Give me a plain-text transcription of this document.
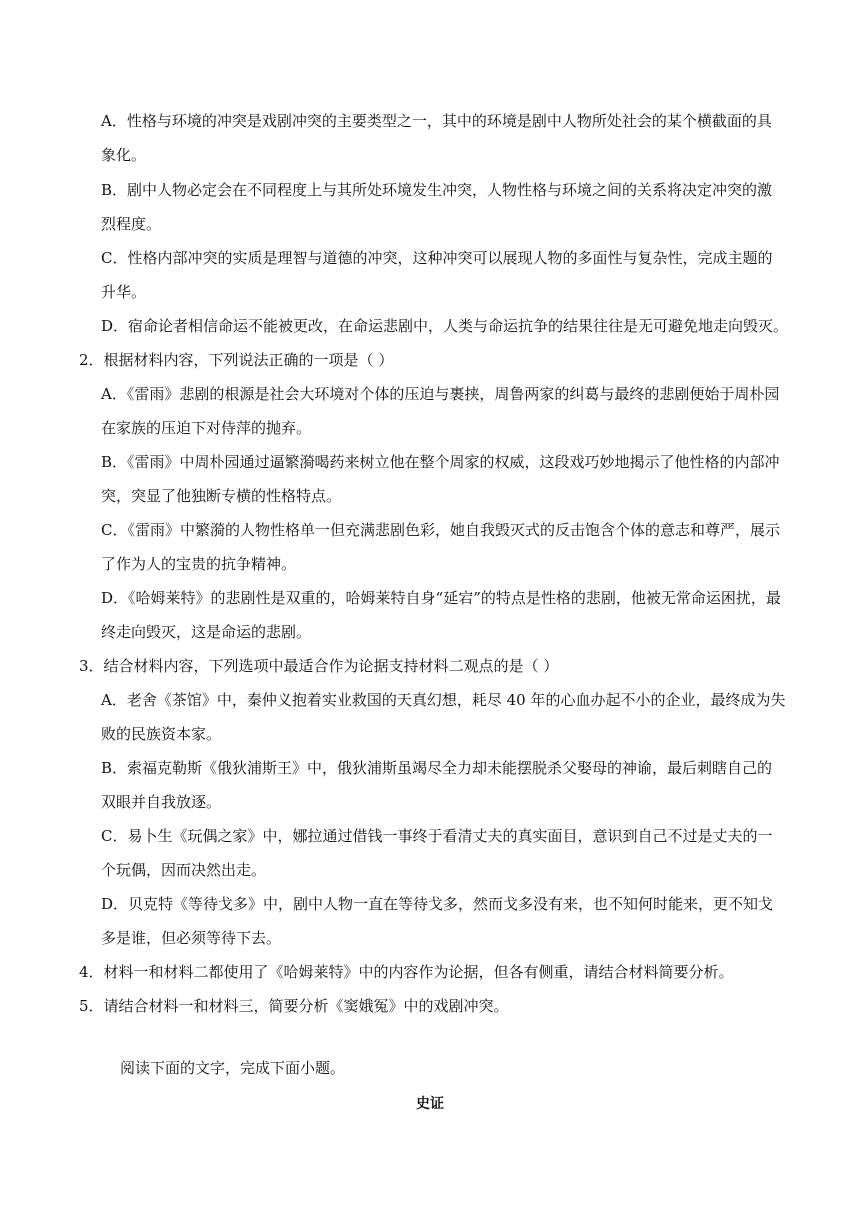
A．性格与环境的冲突是戏剧冲突的主要类型之一，其中的环境是剧中人物所处社会的某个横截面的具
象化。
B．剧中人物必定会在不同程度上与其所处环境发生冲突，人物性格与环境之间的关系将决定冲突的激
烈程度。
C．性格内部冲突的实质是理智与道德的冲突，这种冲突可以展现人物的多面性与复杂性，完成主题的
升华。
D．宿命论者相信命运不能被更改，在命运悲剧中，人类与命运抗争的结果往往是无可避免地走向毁灭。
2．根据材料内容，下列说法正确的一项是（ ）
A．《雷雨》悲剧的根源是社会大环境对个体的压迫与裹挟，周鲁两家的纠葛与最终的悲剧便始于周朴园
在家族的压迫下对侍萍的抛弃。
B．《雷雨》中周朴园通过逼繁漪喝药来树立他在整个周家的权威，这段戏巧妙地揭示了他性格的内部冲
突，突显了他独断专横的性格特点。
C．《雷雨》中繁漪的人物性格单一但充满悲剧色彩，她自我毁灭式的反击饱含个体的意志和尊严，展示
了作为人的宝贵的抗争精神。
D．《哈姆莱特》的悲剧性是双重的，哈姆莱特自身“延宕”的特点是性格的悲剧，他被无常命运困扰，最
终走向毁灭，这是命运的悲剧。
3．结合材料内容，下列选项中最适合作为论据支持材料二观点的是（ ）
A．老舍《茶馆》中，秦仲义抱着实业救国的天真幻想，耗尽 40 年的心血办起不小的企业，最终成为失
败的民族资本家。
B．索福克勒斯《俄狄浦斯王》中，俄狄浦斯虽竭尽全力却未能摆脱杀父娶母的神谕，最后刺瞎自己的
双眼并自我放逐。
C．易卜生《玩偶之家》中，娜拉通过借钱一事终于看清丈夫的真实面目，意识到自己不过是丈夫的一
个玩偶，因而决然出走。
D．贝克特《等待戈多》中，剧中人物一直在等待戈多，然而戈多没有来，也不知何时能来，更不知戈
多是谁，但必须等待下去。
4．材料一和材料二都使用了《哈姆莱特》中的内容作为论据，但各有侧重，请结合材料简要分析。
5．请结合材料一和材料三，简要分析《窦娥冤》中的戏剧冲突。
阅读下面的文字，完成下面小题。
史证
